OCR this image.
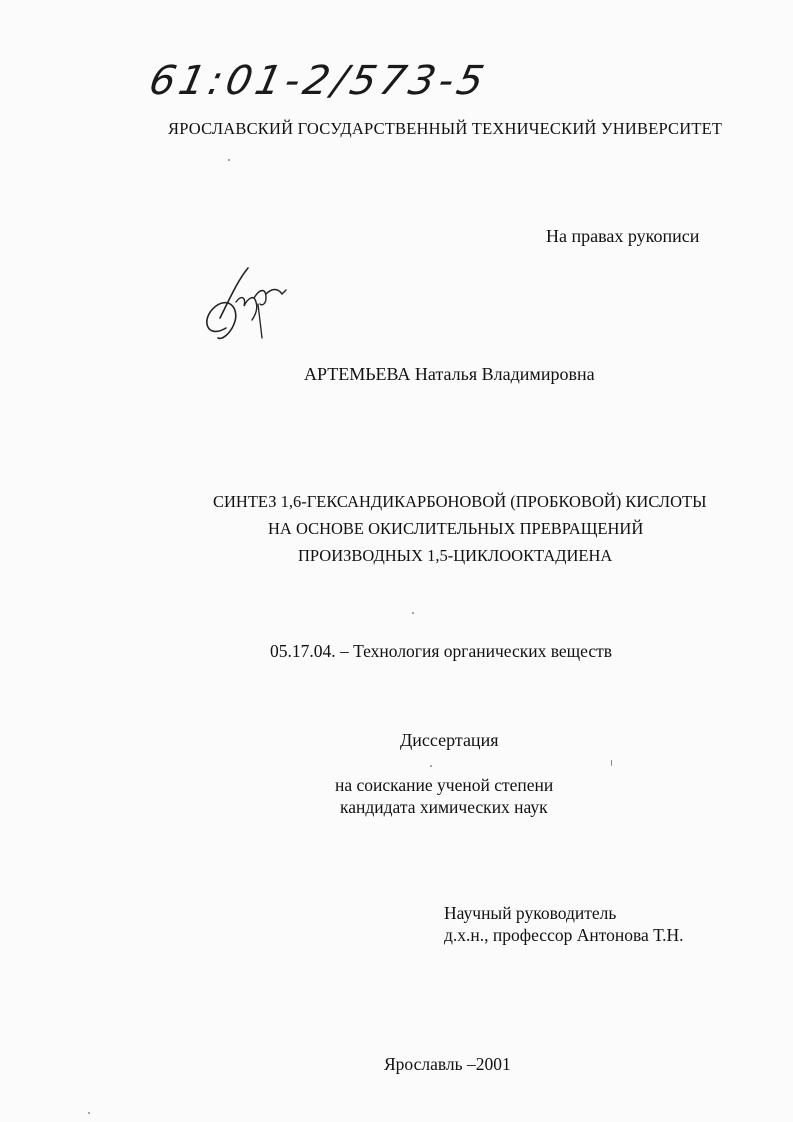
61:01-2/573-5
ЯРОСЛАВСКИЙ ГОСУДАРСТВЕННЫЙ ТЕХНИЧЕСКИЙ УНИВЕРСИТЕТ
На правах рукописи
АРТЕМЬЕВА Наталья Владимировна
СИНТЕЗ 1,6-ГЕКСАНДИКАРБОНОВОЙ (ПРОБКОВОЙ) КИСЛОТЫ
НА ОСНОВЕ ОКИСЛИТЕЛЬНЫХ ПРЕВРАЩЕНИЙ
ПРОИЗВОДНЫХ 1,5-ЦИКЛООКТАДИЕНА
05.17.04. – Технология органических веществ
Диссертация
на соискание ученой степени
кандидата химических наук
Научный руководитель
д.х.н., профессор Антонова Т.Н.
Ярославль –2001
